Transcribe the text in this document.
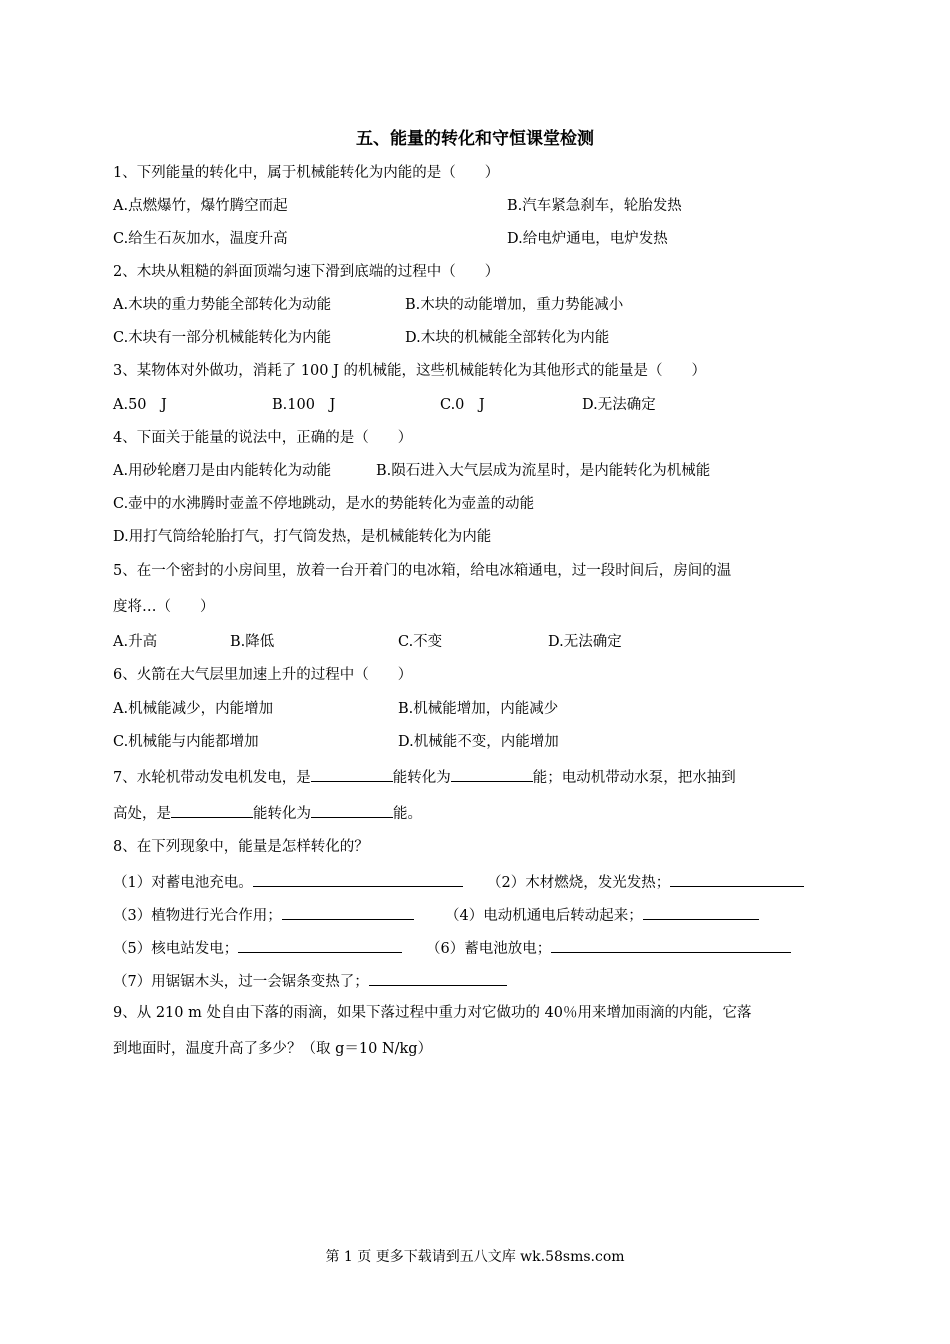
五、能量的转化和守恒课堂检测
1、下列能量的转化中，属于机械能转化为内能的是（　　）
A.点燃爆竹，爆竹腾空而起	B.汽车紧急刹车，轮胎发热
C.给生石灰加水，温度升高	D.给电炉通电，电炉发热
2、木块从粗糙的斜面顶端匀速下滑到底端的过程中（　　）
A.木块的重力势能全部转化为动能	B.木块的动能增加，重力势能减小
C.木块有一部分机械能转化为内能	D.木块的机械能全部转化为内能
3、某物体对外做功，消耗了 100 J 的机械能，这些机械能转化为其他形式的能量是（　　）
A.50　J	B.100　J	C.0　J	D.无法确定
4、下面关于能量的说法中，正确的是（　　）
A.用砂轮磨刀是由内能转化为动能	B.陨石进入大气层成为流星时，是内能转化为机械能
C.壶中的水沸腾时壶盖不停地跳动，是水的势能转化为壶盖的动能
D.用打气筒给轮胎打气，打气筒发热，是机械能转化为内能
5、在一个密封的小房间里，放着一台开着门的电冰箱，给电冰箱通电，过一段时间后，房间的温
度将…（　　）
A.升高	B.降低	C.不变	D.无法确定
6、火箭在大气层里加速上升的过程中（　　）
A.机械能减少，内能增加	B.机械能增加，内能减少
C.机械能与内能都增加	D.机械能不变，内能增加
7、水轮机带动发电机发电，是	能转化为	能；电动机带动水泵，把水抽到
高处，是	能转化为	能。
8、在下列现象中，能量是怎样转化的？
（1）对蓄电池充电。	（2）木材燃烧，发光发热；
（3）植物进行光合作用；	（4）电动机通电后转动起来；
（5）核电站发电；	（6）蓄电池放电；
（7）用锯锯木头，过一会锯条变热了；
9、从 210 m 处自由下落的雨滴，如果下落过程中重力对它做功的 40％用来增加雨滴的内能，它落
到地面时，温度升高了多少？（取 g＝10 N/kg）
第 1 页 更多下载请到五八文库 wk.58sms.com
